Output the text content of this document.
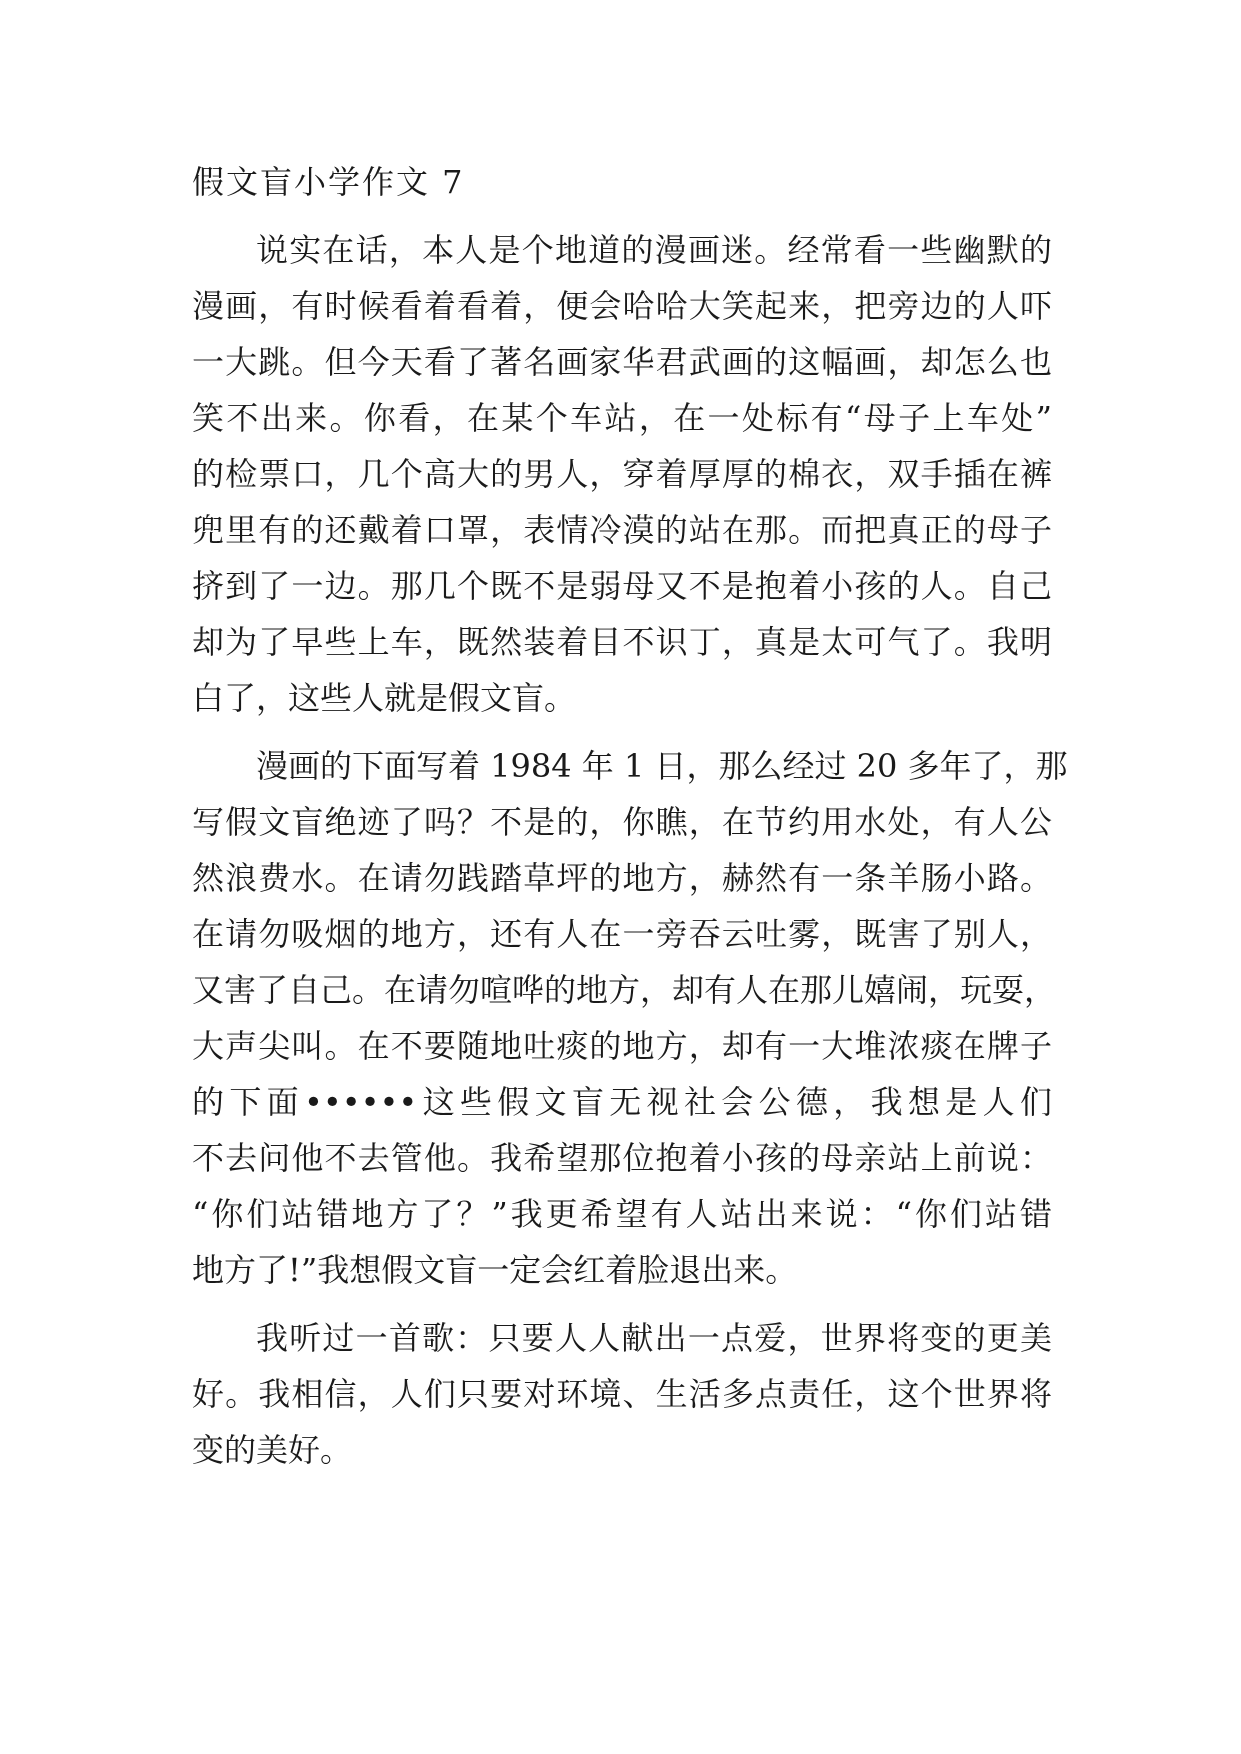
假文盲小学作文 7
说实在话，本人是个地道的漫画迷。经常看一些幽默的
漫画，有时候看着看着，便会哈哈大笑起来，把旁边的人吓
一大跳。但今天看了著名画家华君武画的这幅画，却怎么也
笑不出来。你看，在某个车站，在一处标有“母子上车处”
的检票口，几个高大的男人，穿着厚厚的棉衣，双手插在裤
兜里有的还戴着口罩，表情冷漠的站在那。而把真正的母子
挤到了一边。那几个既不是弱母又不是抱着小孩的人。自己
却为了早些上车，既然装着目不识丁，真是太可气了。我明
白了，这些人就是假文盲。
漫画的下面写着 1984 年 1 日，那么经过 20 多年了，那
写假文盲绝迹了吗？不是的，你瞧，在节约用水处，有人公
然浪费水。在请勿践踏草坪的地方，赫然有一条羊肠小路。
在请勿吸烟的地方，还有人在一旁吞云吐雾，既害了别人，
又害了自己。在请勿喧哗的地方，却有人在那儿嬉闹，玩耍，
大声尖叫。在不要随地吐痰的地方，却有一大堆浓痰在牌子
的下面••••••这些假文盲无视社会公德，我想是人们
不去问他不去管他。我希望那位抱着小孩的母亲站上前说：
“你们站错地方了？”我更希望有人站出来说：“你们站错
地方了!”我想假文盲一定会红着脸退出来。
我听过一首歌：只要人人献出一点爱，世界将变的更美
好。我相信，人们只要对环境、生活多点责任，这个世界将
变的美好。
